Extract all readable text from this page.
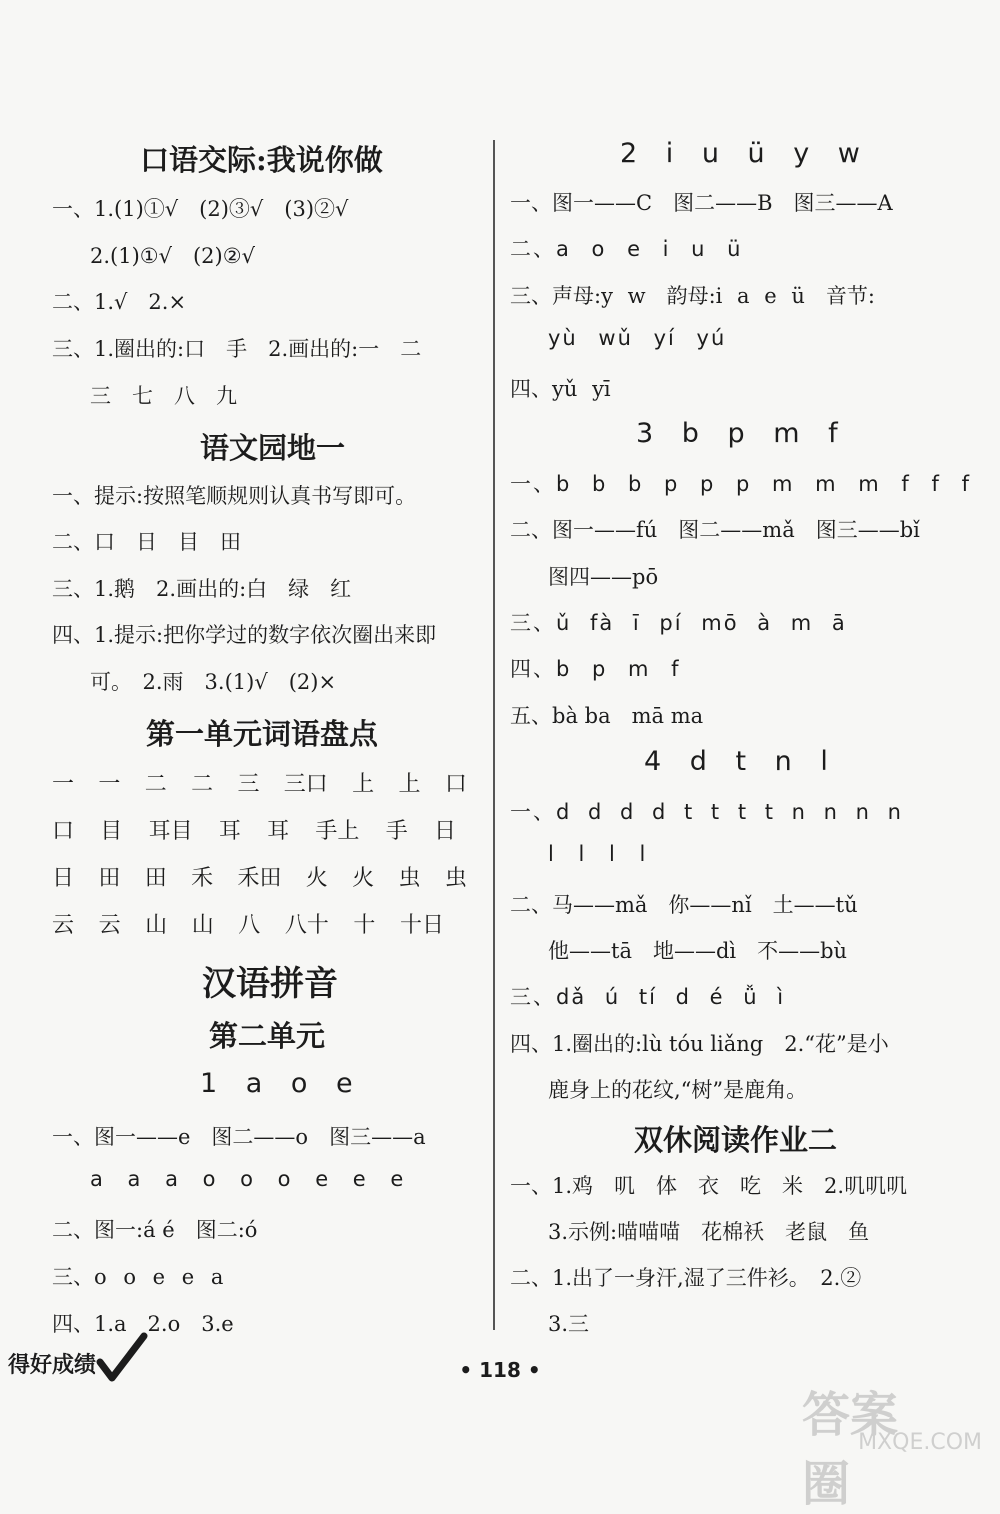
口语交际:我说你做
一、1.(1)①√　(2)③√　(3)②√
2.(1)①√　(2)②√
二、1.√　2.×
三、1.圈出的:口　手　2.画出的:一　二
三　七　八　九
语文园地一
一、提示:按照笔顺规则认真书写即可。
二、口　日　目　田
三、1.鹅　2.画出的:白　绿　红
四、1.提示:把你学过的数字依次圈出来即
可。　2.雨　3.(1)√　(2)×
第一单元词语盘点
一 一 二 二 三 三口 上 上 口
口 目 耳目 耳 耳 手上 手 日
日 田 田 禾 禾田 火 火 虫 虫
云 云 山 山 八 八十 十 十日
汉语拼音
第二单元
1 a o e
一、图一——e　图二——o　图三——a
a a a o o o e e e
二、图一:á é　图二:ó
三、o o e e a
四、1.a　2.o　3.e
2 i u ü y w
一、图一——C　图二——B　图三——A
二、a o e i u ü
三、声母:y w　韵母:i a e ü　音节:
yù wǔ yí yú
四、yǔ yī
3 b p m f
一、b b b p p p m m m f f f
二、图一——fú　图二——mǎ　图三——bǐ
图四——pō
三、ǔ fà ī pí mō à m ā
四、b p m f
五、bà ba　mā ma
4 d t n l
一、d d d d t t t t n n n n
l l l l
二、马——mǎ　你——nǐ　土——tǔ
他——tā　地——dì　不——bù
三、dǎ ú tí d é ǚ ì
四、1.圈出的:lù tóu liǎng　2.“花”是小
鹿身上的花纹,“树”是鹿角。
双休阅读作业二
一、1.鸡　叽　体　衣　吃　米　2.叽叽叽
3.示例:喵喵喵　花棉袄　老鼠　鱼
二、1.出了一身汗,湿了三件衫。　2.②
3.三
得好成绩	• 118 •
答案圈
MXQE.COM
